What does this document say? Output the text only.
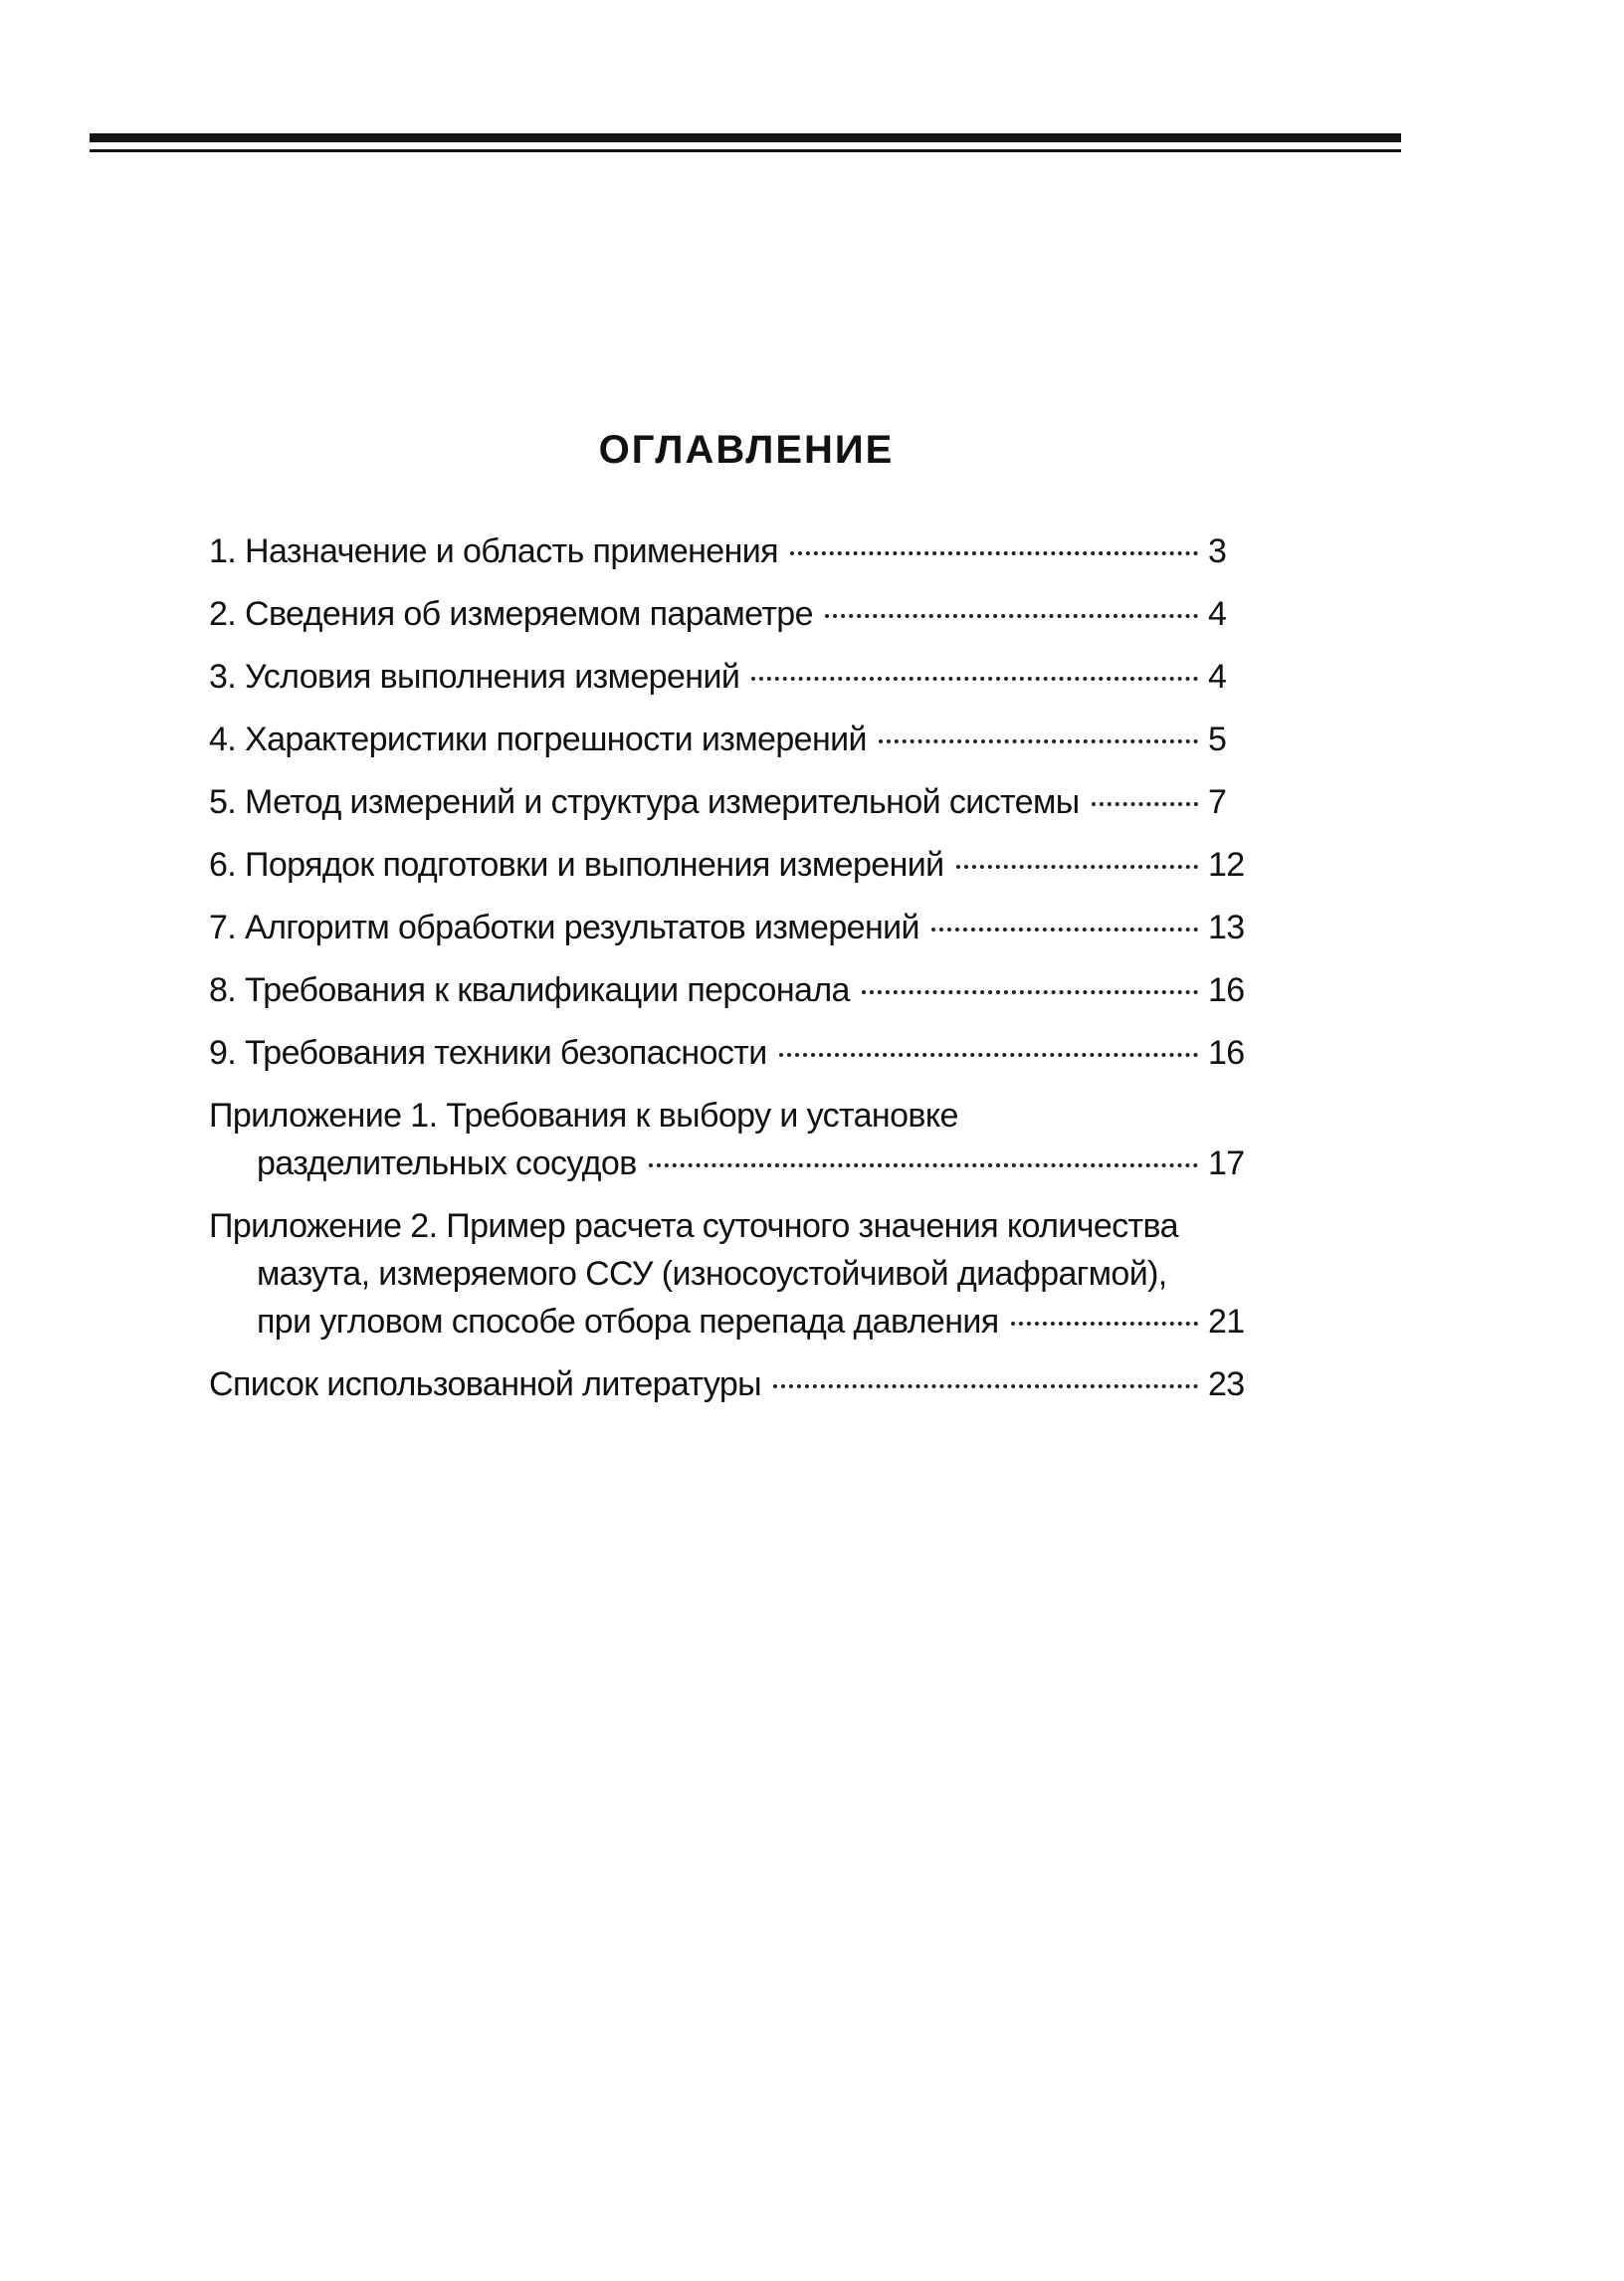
ОГЛАВЛЕНИЕ
1. Назначение и область применения	3
2. Сведения об измеряемом параметре	4
3. Условия выполнения измерений	4
4. Характеристики погрешности измерений	5
5. Метод измерений и структура измерительной системы	7
6. Порядок подготовки и выполнения измерений	12
7. Алгоритм обработки результатов измерений	13
8. Требования к квалификации персонала	16
9. Требования техники безопасности	16
Приложение 1. Требования к выбору и установке
разделительных сосудов	17
Приложение 2. Пример расчета суточного значения количества
мазута, измеряемого ССУ (износоустойчивой диафрагмой),
при угловом способе отбора перепада давления	21
Список использованной литературы	23
